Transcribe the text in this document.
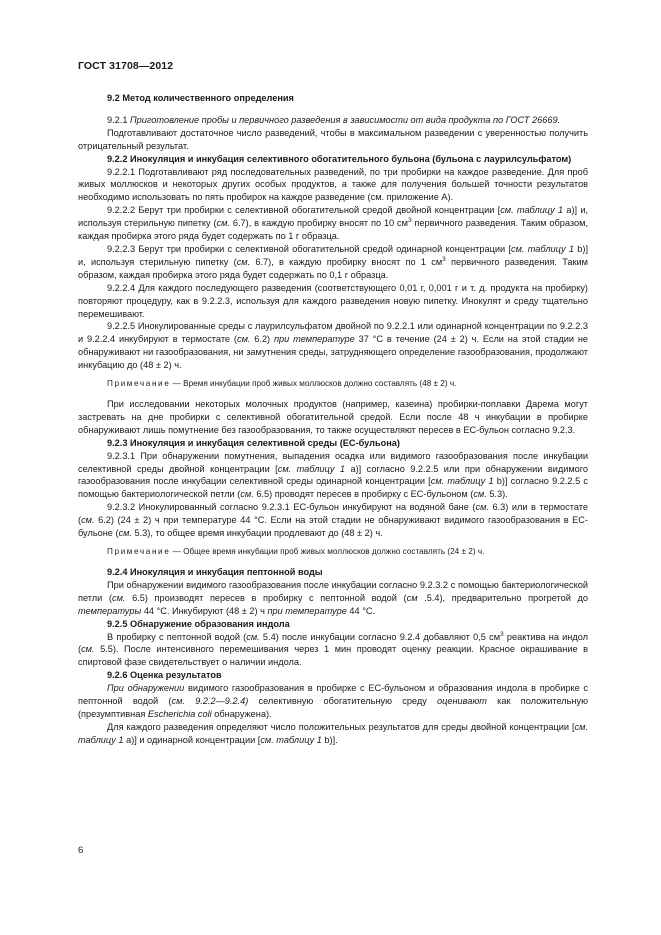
ГОСТ 31708—2012

9.2 Метод количественного определения

9.2.1 Приготовление пробы и первичного разведения в зависимости от вида продукта по ГОСТ 26669.

Подготавливают достаточное число разведений, чтобы в максимальном разведении c уверенностью получить отрицательный результат.

9.2.2 Инокуляция и инкубация селективного обогатительного бульона (бульона с лаурилсульфатом)

9.2.2.1 Подготавливают ряд последовательных разведений, по три пробирки на каждое разведение. Для проб живых моллюсков и некоторых других особых продуктов, а также для получения большей точности результатов необходимо использовать по пять пробирок на каждое разведение (см. приложение А).

9.2.2.2 Берут три пробирки c селективной обогатительной средой двойной концентрации [см. таблицу 1 а)] и, используя стерильную пипетку (см. 6.7), в каждую пробирку вносят по 10 $см^3$ первичного разведения. Таким образом, каждая пробирка этого ряда будет содержать по 1 г образца.

9.2.2.3 Берут три пробирки с селективной обогатительной средой одинарной концентрации [см. таблицу 1 b)] и, используя стерильную пипетку (см. 6.7), в каждую пробирку вносят по 1 $см^3$ первичного разведения. Таким образом, каждая пробирка этого ряда будет содержать по 0,1 г образца.

9.2.2.4 Для каждого последующего разведения (соответствующего 0,01 г, 0,001 г и т. д. продукта на пробирку) повторяют процедуру, как в 9.2.2.3, используя для каждого разведения новую пипетку. Инокулят и среду тщательно перемешивают.

9.2.2.5 Инокулированные среды с лаурилсульфатом двойной по 9.2.2.1 или одинарной концентрации по 9.2.2.3 и 9.2.2.4 инкубируют в термостате (см. 6.2) при температуре 37 °С в течение (24 ± 2) ч. Если на этой стадии не обнаруживают ни газообразования, ни замутнения среды, затрудняющего определение газообразования, продолжают инкубацию до (48 ± 2) ч.

Примечание — Время инкубации проб живых моллюсков должно составлять (48 ± 2) ч.

При исследовании некоторых молочных продуктов (например, казеина) пробирки-поплавки Дарема могут застревать на дне пробирки с селективной обогатительной средой. Если после 48 ч инкубации в пробирке обнаруживают лишь помутнение без газообразования, то также осуществляют пересев в ЕС-бульон согласно 9.2.3.

9.2.3 Инокуляция и инкубация селективной среды (ЕС-бульона)

9.2.3.1 При обнаружении помутнения, выпадения осадка или видимого газообразования после инкубации селективной среды двойной концентрации [см. таблицу 1 а)] согласно 9.2.2.5 или при обнаружении видимого газообразования после инкубации селективной среды одинарной концентрации [см. таблицу 1 b)] согласно 9.2.2.5 с помощью бактериологической петли (см. 6.5) проводят пересев в пробирку с ЕС-бульоном (см. 5.3).

9.2.3.2 Инокулированный согласно 9.2.3.1 ЕС-бульон инкубируют на водяной бане (см. 6.3) или в термостате (см. 6.2) (24 ± 2) ч при температуре 44 °С. Если на этой стадии не обнаруживают видимого газообразования в ЕС-бульоне (см. 5.3), то общее время инкубации продлевают до (48 ± 2) ч.

Примечание — Общее время инкубации проб живых моллюсков должно составлять (24 ± 2) ч.

9.2.4 Инокуляция и инкубация пептонной воды

При обнаружении видимого газообразования после инкубации согласно 9.2.3.2 с помощью бактериологической петли (см. 6.5) производят пересев в пробирку с пептонной водой (см .5.4), предварительно прогретой до температуры 44 °С. Инкубируют (48 ± 2) ч при температуре 44 °С.

9.2.5 Обнаружение образования индола

В пробирку с пептонной водой (см. 5.4) после инкубации согласно 9.2.4 добавляют 0,5 $см^3$ реактива на индол (см. 5.5). После интенсивного перемешивания через 1 мин проводят оценку реакции. Красное окрашивание в спиртовой фазе свидетельствует о наличии индола.

9.2.6 Оценка результатов

При обнаружении видимого газообразования в пробирке с ЕС-бульоном и образования индола в пробирке с пептонной водой (см. 9.2.2—9.2.4) селективную обогатительную среду оценивают как положительную (презумптивная Escherichia coli обнаружена).

Для каждого разведения определяют число положительных результатов для среды двойной концентрации [см. таблицу 1 а)] и одинарной концентрации [см. таблицу 1 b)].

6
